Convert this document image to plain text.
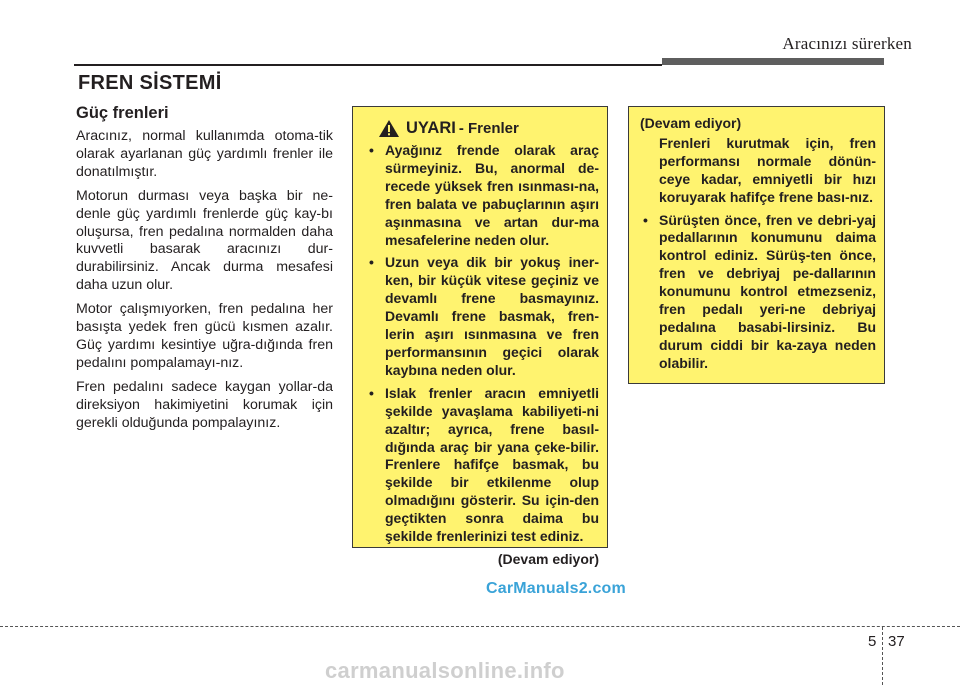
Aracınızı sürerken
FREN SİSTEMİ
Güç frenleri

Aracınız, normal kullanımda otoma-tik olarak ayarlanan güç yardımlı frenler ile donatılmıştır.

Motorun durması veya başka bir ne-denle güç yardımlı frenlerde güç kay-bı oluşursa, fren pedalına normalden daha kuvvetli basarak aracınızı dur-durabilirsiniz. Ancak durma mesafesi daha uzun olur.

Motor çalışmıyorken, fren pedalına her basışta yedek fren gücü kısmen azalır. Güç yardımı kesintiye uğra-dığında fren pedalını pompalamayı-nız.

Fren pedalını sadece kaygan yollar-da direksiyon hakimiyetini korumak için gerekli olduğunda pompalayınız.

UYARI - Frenler
• Ayağınız frende olarak araç sürmeyiniz. Bu, anormal de-recede yüksek fren ısınması-na, fren balata ve pabuçlarının aşırı aşınmasına ve artan dur-ma mesafelerine neden olur.
• Uzun veya dik bir yokuş iner-ken, bir küçük vitese geçiniz ve devamlı frene basmayınız. Devamlı frene basmak, fren-lerin aşırı ısınmasına ve fren performansının geçici olarak kaybına neden olur.
• Islak frenler aracın emniyetli şekilde yavaşlama kabiliyeti-ni azaltır; ayrıca, frene basıl-dığında araç bir yana çeke-bilir. Frenlere hafifçe basmak, bu şekilde bir etkilenme olup olmadığını gösterir. Su için-den geçtikten sonra daima bu şekilde frenlerinizi test ediniz.
(Devam ediyor)
(Devam ediyor)
Frenleri kurutmak için, fren performansı normale dönün-ceye kadar, emniyetli bir hızı koruyarak hafifçe frene bası-nız.
• Sürüşten önce, fren ve debri-yaj pedallarının konumunu daima kontrol ediniz. Sürüş-ten önce, fren ve debriyaj pe-dallarının konumunu kontrol etmezseniz, fren pedalı yeri-ne debriyaj pedalına basabi-lirsiniz. Bu durum ciddi bir ka-zaya neden olabilir.
CarManuals2.com
5 37
carmanualsonline.info
